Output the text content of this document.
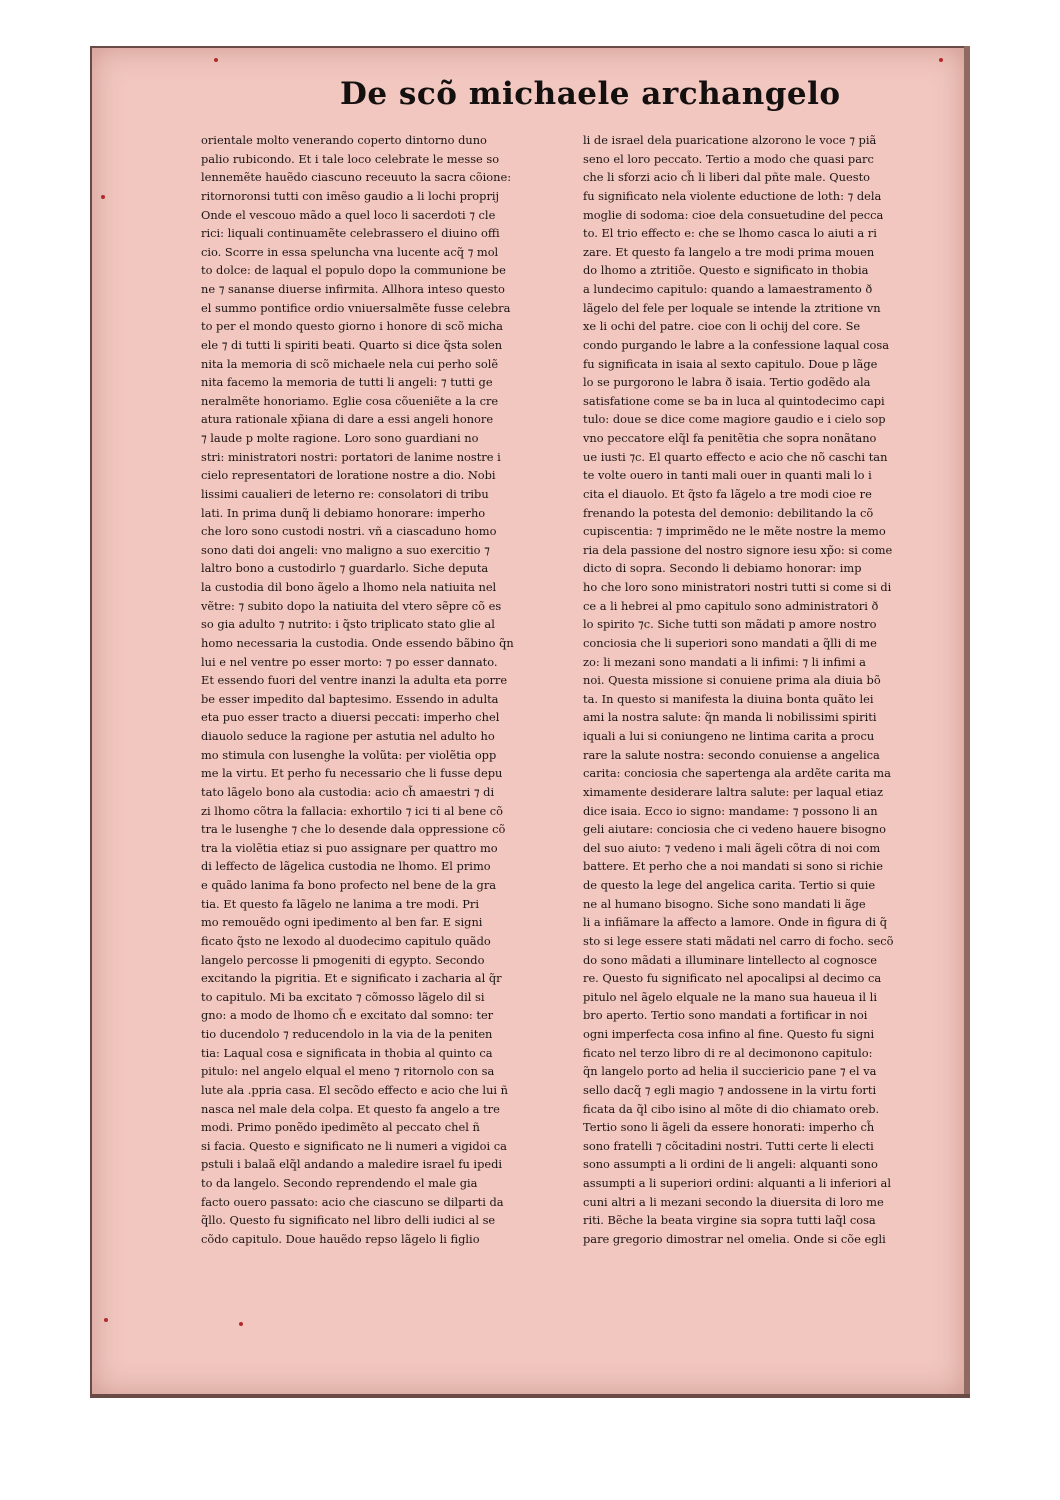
De scõ michaele archangelo
orientale molto venerando coperto dintorno duno
palio rubicondo. Et i tale loco celebrate le messe so
lennemẽte hauẽdo ciascuno receuuto la sacra cõione:
ritornoronsi tutti con imẽso gaudio a li lochi proprij
Onde el vescouo mãdo a quel loco li sacerdoti ⁊ cle
rici: liquali continuamẽte celebrassero el diuino offi
cio. Scorre in essa speluncha vna lucente acq̃ ⁊ mol
to dolce: de laqual el populo dopo la communione be
ne ⁊ sananse diuerse infirmita. Allhora inteso questo
el summo pontifice ordio vniuersalmẽte fusse celebra
to per el mondo questo giorno i honore di scõ micha
ele ⁊ di tutti li spiriti beati. Quarto si dice q̃sta solen
nita la memoria di scõ michaele nela cui perho solẽ
nita facemo la memoria de tutti li angeli: ⁊ tutti ge
neralmẽte honoriamo. Eglie cosa cõueniẽte a la cre
atura rationale xp̃iana di dare a essi angeli honore
⁊ laude p molte ragione. Loro sono guardiani no
stri: ministratori nostri: portatori de lanime nostre i
cielo representatori de loratione nostre a dio. Nobi
lissimi caualieri de leterno re: consolatori di tribu
lati. In prima dunq̃ li debiamo honorare: imperho
che loro sono custodi nostri. vñ a ciascaduno homo
sono dati doi angeli: vno maligno a suo exercitio ⁊
laltro bono a custodirlo ⁊ guardarlo. Siche deputa
la custodia dil bono ãgelo a lhomo nela natiuita nel
vẽtre: ⁊ subito dopo la natiuita del vtero sẽpre cõ es
so gia adulto ⁊ nutrito: i q̃sto triplicato stato glie al
homo necessaria la custodia. Onde essendo bãbino q̃n
lui e nel ventre po esser morto: ⁊ po esser dannato.
Et essendo fuori del ventre inanzi la adulta eta porre
be esser impedito dal baptesimo. Essendo in adulta
eta puo esser tracto a diuersi peccati: imperho chel
diauolo seduce la ragione per astutia nel adulto ho
mo stimula con lusenghe la volũta: per violẽtia opp
me la virtu. Et perho fu necessario che li fusse depu
tato lãgelo bono ala custodia: acio ch̃ amaestri ⁊ di
zi lhomo cõtra la fallacia: exhortilo ⁊ ici ti al bene cõ
tra le lusenghe ⁊ che lo desende dala oppressione cõ
tra la violẽtia etiaz si puo assignare per quattro mo
di leffecto de lãgelica custodia ne lhomo. El primo
e quãdo lanima fa bono profecto nel bene de la gra
tia. Et questo fa lãgelo ne lanima a tre modi. Pri
mo remouẽdo ogni ipedimento al ben far. E signi
ficato q̃sto ne lexodo al duodecimo capitulo quãdo
langelo percosse li pmogeniti di egypto. Secondo
excitando la pigritia. Et e significato i zacharia al q̃r
to capitulo. Mi ba excitato ⁊ cõmosso lãgelo dil si
gno: a modo de lhomo ch̃ e excitato dal somno: ter
tio ducendolo ⁊ reducendolo in la via de la peniten
tia: Laqual cosa e significata in thobia al quinto ca
pitulo: nel angelo elqual el meno ⁊ ritornolo con sa
lute ala .ppria casa. El secõdo effecto e acio che lui ñ
nasca nel male dela colpa. Et questo fa angelo a tre
modi. Primo ponẽdo ipedimẽto al peccato chel ñ
si facia. Questo e significato ne li numeri a vigidoi ca
pstuli i balaã elq̃l andando a maledire israel fu ipedi
to da langelo. Secondo reprendendo el male gia
facto ouero passato: acio che ciascuno se dilparti da
q̃llo. Questo fu significato nel libro delli iudici al se
cõdo capitulo. Doue hauẽdo repso lãgelo li figlio
li de israel dela puaricatione alzorono le voce ⁊ piã
seno el loro peccato. Tertio a modo che quasi parc
che li sforzi acio ch̃ li liberi dal pñte male. Questo
fu significato nela violente eductione de loth: ⁊ dela
moglie di sodoma: cioe dela consuetudine del pecca
to. El trio effecto e: che se lhomo casca lo aiuti a ri
zare. Et questo fa langelo a tre modi prima mouen
do lhomo a ztritiõe. Questo e significato in thobia
a lundecimo capitulo: quando a lamaestramento ð
lãgelo del fele per loquale se intende la ztritione vn
xe li ochi del patre. cioe con li ochij del core. Se
condo purgando le labre a la confessione laqual cosa
fu significata in isaia al sexto capitulo. Doue p lãge
lo se purgorono le labra ð isaia. Tertio godẽdo ala
satisfatione come se ba in luca al quintodecimo capi
tulo: doue se dice come magiore gaudio e i cielo sop
vno peccatore elq̃l fa penitẽtia che sopra nonãtano
ue iusti ⁊c. El quarto effecto e acio che nõ caschi tan
te volte ouero in tanti mali ouer in quanti mali lo i
cita el diauolo. Et q̃sto fa lãgelo a tre modi cioe re
frenando la potesta del demonio: debilitando la cõ
cupiscentia: ⁊ imprimẽdo ne le mẽte nostre la memo
ria dela passione del nostro signore iesu xp̃o: si come
dicto di sopra. Secondo li debiamo honorar: imp
ho che loro sono ministratori nostri tutti si come si di
ce a li hebrei al pmo capitulo sono administratori ð
lo spirito ⁊c. Siche tutti son mãdati p amore nostro
conciosia che li superiori sono mandati a q̃lli di me
zo: li mezani sono mandati a li infimi: ⁊ li infimi a
noi. Questa missione si conuiene prima ala diuia bõ
ta. In questo si manifesta la diuina bonta quãto lei
ami la nostra salute: q̃n manda li nobilissimi spiriti
iquali a lui si coniungeno ne lintima carita a procu
rare la salute nostra: secondo conuiense a angelica
carita: conciosia che sapertenga ala ardẽte carita ma
ximamente desiderare laltra salute: per laqual etiaz
dice isaia. Ecco io signo: mandame: ⁊ possono li an
geli aiutare: conciosia che ci vedeno hauere bisogno
del suo aiuto: ⁊ vedeno i mali ãgeli cõtra di noi com
battere. Et perho che a noi mandati si sono si richie
de questo la lege del angelica carita. Tertio si quie
ne al humano bisogno. Siche sono mandati li ãge
li a infiãmare la affecto a lamore. Onde in figura di q̃
sto si lege essere stati mãdati nel carro di focho. secõ
do sono mãdati a illuminare lintellecto al cognosce
re. Questo fu significato nel apocalipsi al decimo ca
pitulo nel ãgelo elquale ne la mano sua haueua il li
bro aperto. Tertio sono mandati a fortificar in noi
ogni imperfecta cosa infino al fine. Questo fu signi
ficato nel terzo libro di re al decimonono capitulo:
q̃n langelo porto ad helia il succiericio pane ⁊ el va
sello dacq̃ ⁊ egli magio ⁊ andossene in la virtu forti
ficata da q̃l cibo isino al mõte di dio chiamato oreb.
Tertio sono li ãgeli da essere honorati: imperho ch̃
sono fratelli ⁊ cõcitadini nostri. Tutti certe li electi
sono assumpti a li ordini de li angeli: alquanti sono
assumpti a li superiori ordini: alquanti a li inferiori al
cuni altri a li mezani secondo la diuersita di loro me
riti. Bẽche la beata virgine sia sopra tutti laq̃l cosa
pare gregorio dimostrar nel omelia. Onde si cõe egli
